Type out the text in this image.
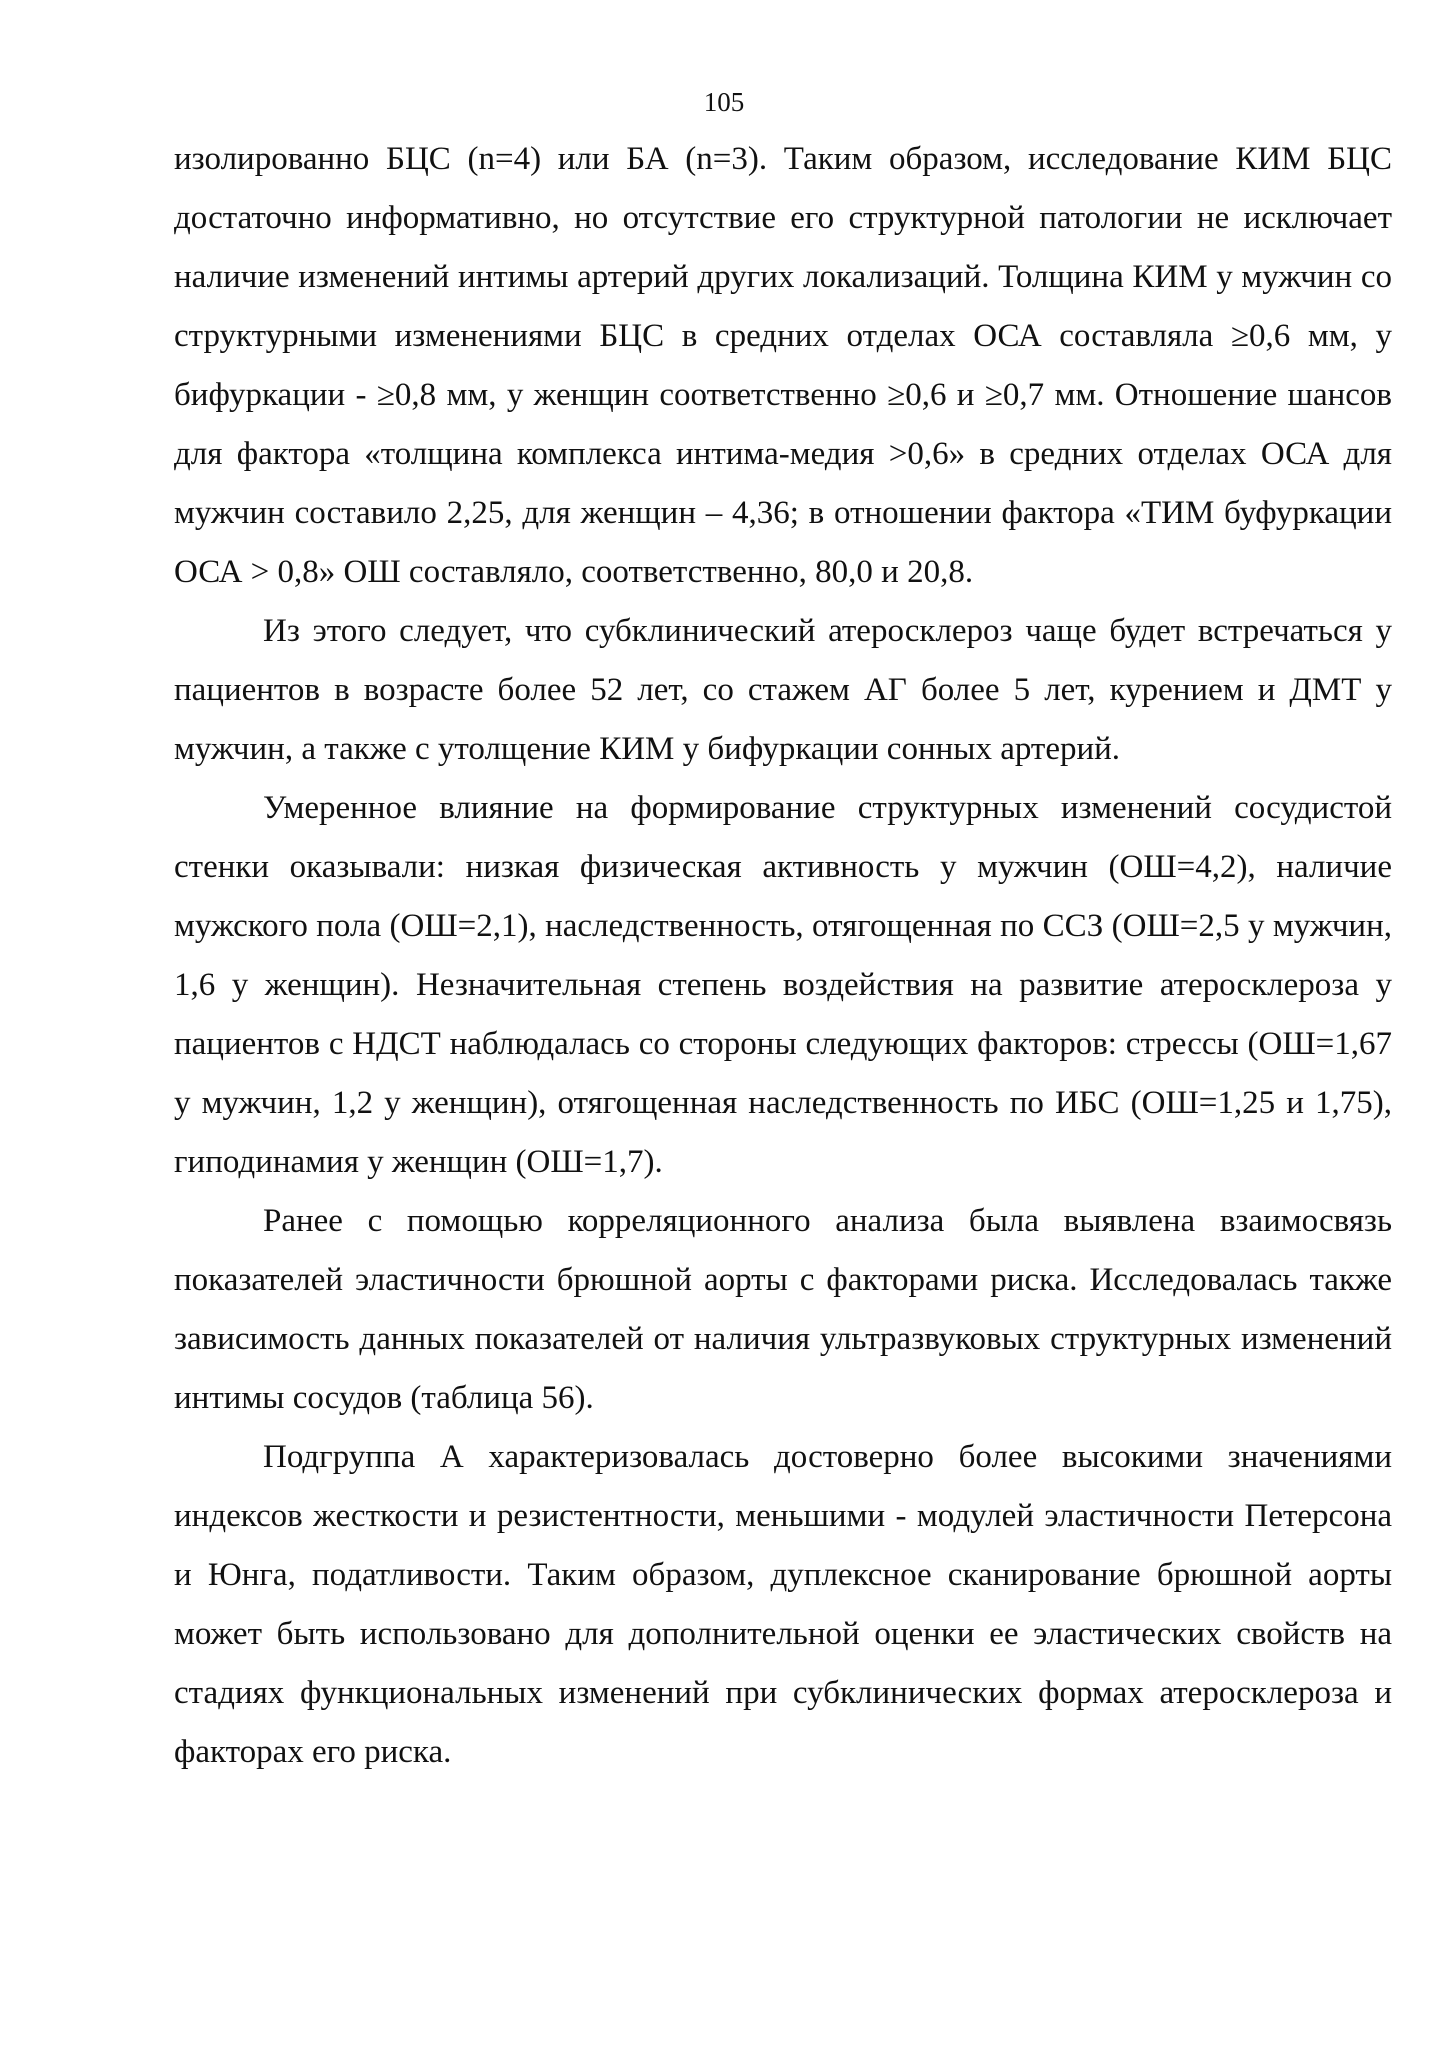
105

изолированно БЦС (n=4) или БА (n=3). Таким образом, исследование КИМ БЦС достаточно информативно, но отсутствие его структурной патологии не исключает наличие изменений интимы артерий других локализаций. Толщина КИМ у мужчин со структурными изменениями БЦС в средних отделах ОСА составляла ≥0,6 мм, у бифуркации - ≥0,8 мм, у женщин соответственно ≥0,6 и ≥0,7 мм. Отношение шансов для фактора «толщина комплекса интима-медия >0,6» в средних отделах ОСА для мужчин составило 2,25, для женщин – 4,36; в отношении фактора «ТИМ буфуркации ОСА > 0,8» ОШ составляло, соответственно, 80,0 и 20,8.

Из этого следует, что субклинический атеросклероз чаще будет встречаться у пациентов в возрасте более 52 лет, со стажем АГ более 5 лет, курением и ДМТ у мужчин, а также с утолщение КИМ у бифуркации сонных артерий.

Умеренное влияние на формирование структурных изменений сосудистой стенки оказывали: низкая физическая активность у мужчин (ОШ=4,2), наличие мужского пола (ОШ=2,1), наследственность, отягощенная по ССЗ (ОШ=2,5 у мужчин, 1,6 у женщин). Незначительная степень воздействия на развитие атеросклероза у пациентов с НДСТ наблюдалась со стороны следующих факторов: стрессы (ОШ=1,67 у мужчин, 1,2 у женщин), отягощенная наследственность по ИБС (ОШ=1,25 и 1,75), гиподинамия у женщин (ОШ=1,7).

Ранее с помощью корреляционного анализа была выявлена взаимосвязь показателей эластичности брюшной аорты с факторами риска. Исследовалась также зависимость данных показателей от наличия ультразвуковых структурных изменений интимы сосудов (таблица 56).

Подгруппа А характеризовалась достоверно более высокими значениями индексов жесткости и резистентности, меньшими - модулей эластичности Петерсона и Юнга, податливости. Таким образом, дуплексное сканирование брюшной аорты может быть использовано для дополнительной оценки ее эластических свойств на стадиях функциональных изменений при субклинических формах атеросклероза и факторах его риска.
